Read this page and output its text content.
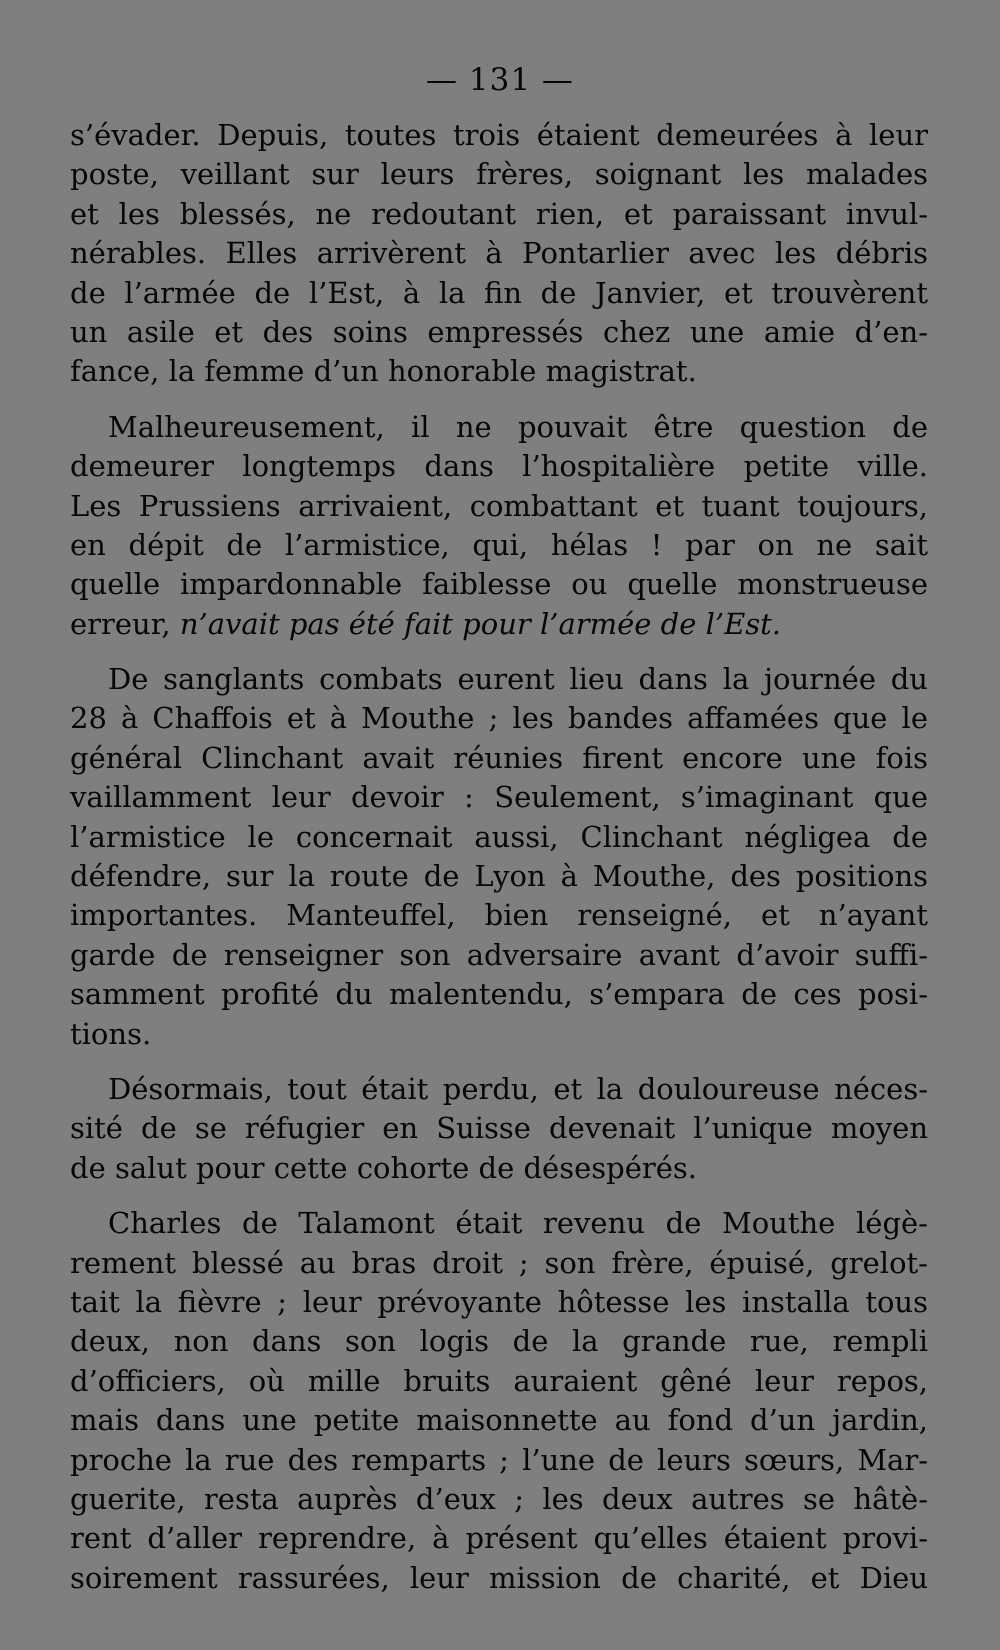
— 131 —
s’évader. Depuis, toutes trois étaient demeurées à leur
poste, veillant sur leurs frères, soignant les malades
et les blessés, ne redoutant rien, et paraissant invul-
nérables. Elles arrivèrent à Pontarlier avec les débris
de l’armée de l’Est, à la fin de Janvier, et trouvèrent
un asile et des soins empressés chez une amie d’en-
fance, la femme d’un honorable magistrat.
Malheureusement, il ne pouvait être question de
demeurer longtemps dans l’hospitalière petite ville.
Les Prussiens arrivaient, combattant et tuant toujours,
en dépit de l’armistice, qui, hélas ! par on ne sait
quelle impardonnable faiblesse ou quelle monstrueuse
erreur, n’avait pas été fait pour l’armée de l’Est.
De sanglants combats eurent lieu dans la journée du
28 à Chaffois et à Mouthe ; les bandes affamées que le
général Clinchant avait réunies firent encore une fois
vaillamment leur devoir : Seulement, s’imaginant que
l’armistice le concernait aussi, Clinchant négligea de
défendre, sur la route de Lyon à Mouthe, des positions
importantes. Manteuffel, bien renseigné, et n’ayant
garde de renseigner son adversaire avant d’avoir suffi-
samment profité du malentendu, s’empara de ces posi-
tions.
Désormais, tout était perdu, et la douloureuse néces-
sité de se réfugier en Suisse devenait l’unique moyen
de salut pour cette cohorte de désespérés.
Charles de Talamont était revenu de Mouthe légè-
rement blessé au bras droit ; son frère, épuisé, grelot-
tait la fièvre ; leur prévoyante hôtesse les installa tous
deux, non dans son logis de la grande rue, rempli
d’officiers, où mille bruits auraient gêné leur repos,
mais dans une petite maisonnette au fond d’un jardin,
proche la rue des remparts ; l’une de leurs sœurs, Mar-
guerite, resta auprès d’eux ; les deux autres se hâtè-
rent d’aller reprendre, à présent qu’elles étaient provi-
soirement rassurées, leur mission de charité, et Dieu
